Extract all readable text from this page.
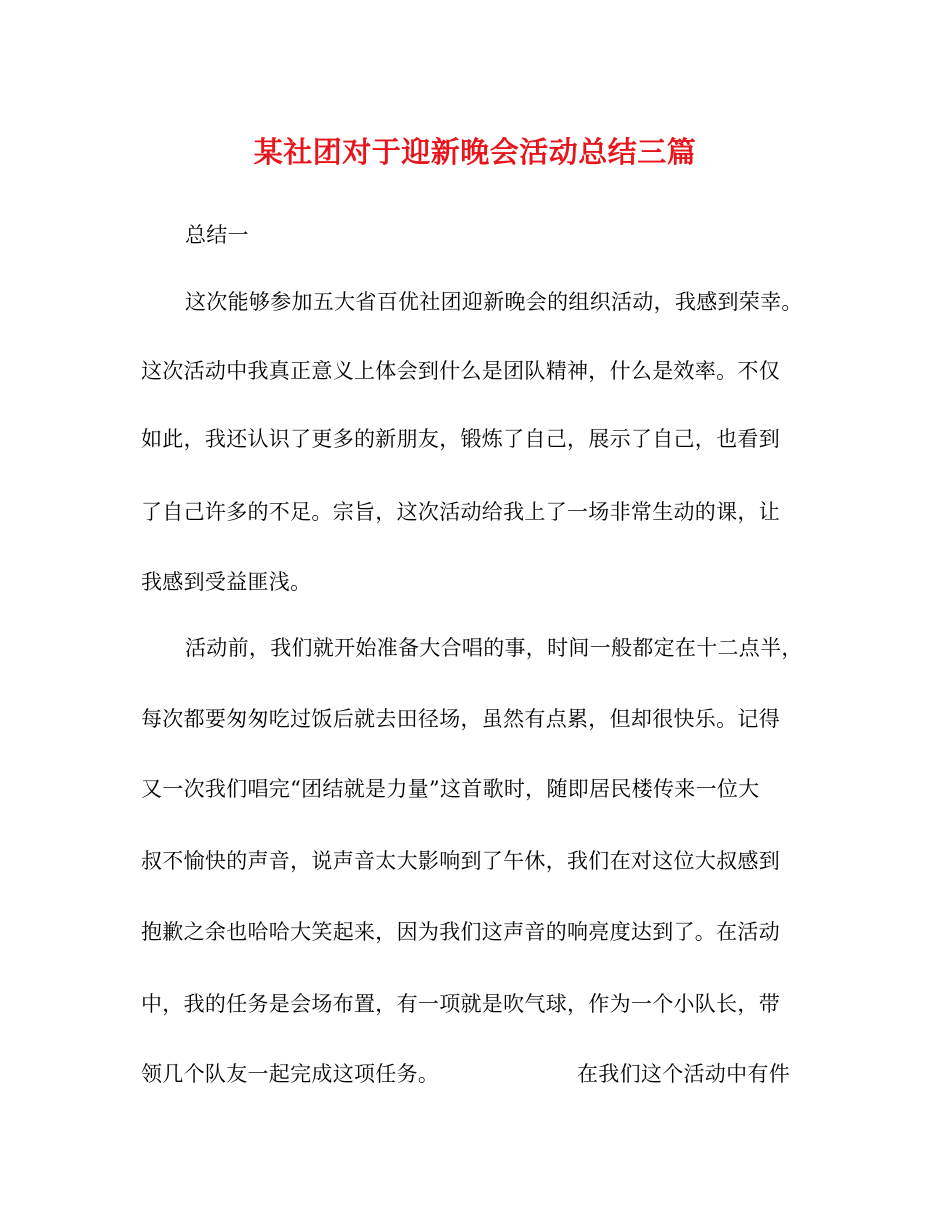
某社团对于迎新晚会活动总结三篇
总结一
这次能够参加五大省百优社团迎新晚会的组织活动，我感到荣幸。
这次活动中我真正意义上体会到什么是团队精神，什么是效率。不仅
如此，我还认识了更多的新朋友，锻炼了自己，展示了自己，也看到
了自己许多的不足。宗旨，这次活动给我上了一场非常生动的课，让
我感到受益匪浅。
活动前，我们就开始准备大合唱的事，时间一般都定在十二点半，
每次都要匆匆吃过饭后就去田径场，虽然有点累，但却很快乐。记得
又一次我们唱完“团结就是力量”这首歌时，随即居民楼传来一位大
叔不愉快的声音，说声音太大影响到了午休，我们在对这位大叔感到
抱歉之余也哈哈大笑起来，因为我们这声音的响亮度达到了。在活动
中，我的任务是会场布置，有一项就是吹气球，作为一个小队长，带
领几个队友一起完成这项任务。	在我们这个活动中有件
